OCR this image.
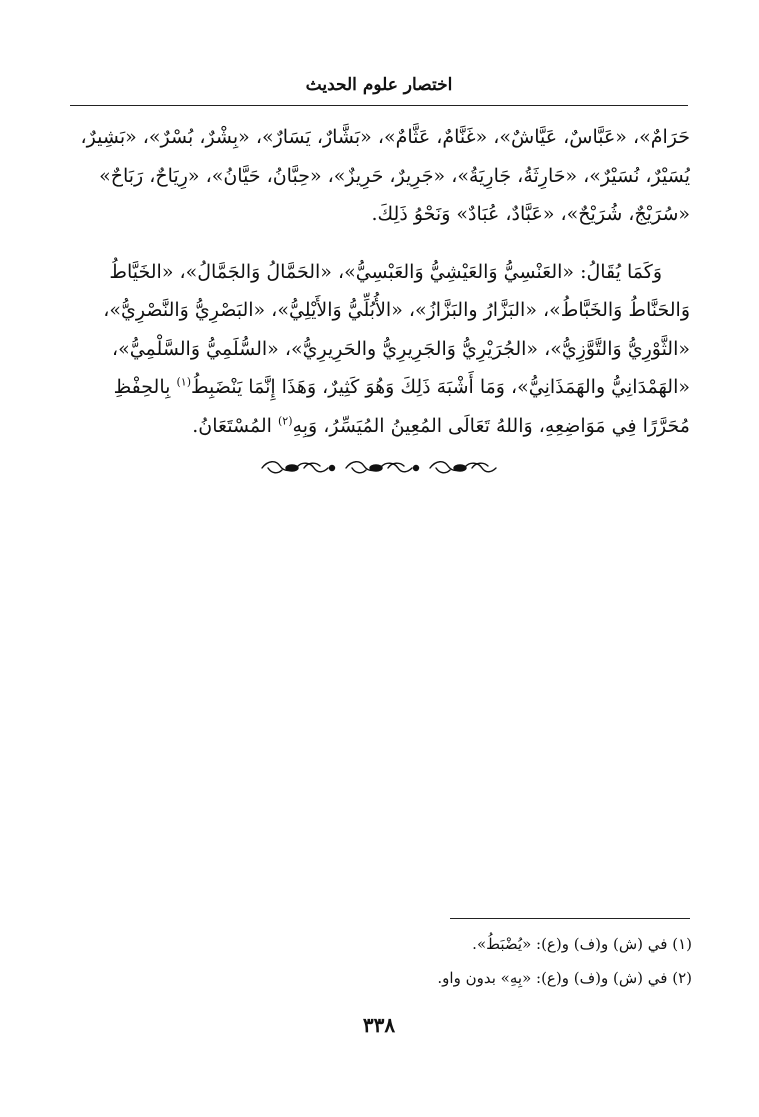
اختصار علوم الحديث
حَرَامٌ»، «عَبَّاسٌ، عَيَّاشٌ»، «غَنَّامٌ، عَثَّامٌ»، «بَشَّارٌ، يَسَارٌ»، «بِشْرٌ، بُسْرٌ»، «بَشِيرٌ،
يُسَيْرٌ، نُسَيْرٌ»، «حَارِثَةُ، جَارِيَةُ»، «جَرِيرٌ، حَرِيزٌ»، «حِبَّانُ، حَيَّانُ»، «رِيَاحٌ، رَبَاحٌ»
«سُرَيْجٌ، شُرَيْحٌ»، «عَبَّادٌ، عُبَادٌ» وَنَحْوُ ذَلِكَ.
وَكَمَا يُقَالُ: «العَنْسِيُّ وَالعَيْشِيُّ وَالعَبْسِيُّ»، «الحَمَّالُ وَالجَمَّالُ»، «الخَيَّاطُ
وَالحَنَّاطُ وَالخَبَّاطُ»، «البَزَّارُ والبَزَّازُ»، «الأُبُلِّيُّ وَالأَيْلِيُّ»، «البَصْرِيُّ وَالنَّصْرِيُّ»،
«الثَّوْرِيُّ وَالتَّوَّزِيُّ»، «الجُرَيْرِيُّ وَالجَرِيرِيُّ والحَرِيرِيُّ»، «السُّلَمِيُّ وَالسَّلْمِيُّ»،
«الهَمْدَانِيُّ والهَمَذَانِيُّ»، وَمَا أَشْبَهَ ذَلِكَ وَهُوَ كَثِيرٌ، وَهَذَا إِنَّمَا يَنْضَبِطُ$^{(١)}$ بِالحِفْظِ
مُحَرَّرًا فِي مَوَاضِعِهِ، وَاللهُ تَعَالَى المُعِينُ المُيَسِّرُ، وَبِهِ$^{(٢)}$ المُسْتَعَانُ.
(١) في (ش) و(ف) و(ع): «يُضْبَطُ».
(٢) في (ش) و(ف) و(ع): «بِهِ» بدون واو.
٣٣٨
